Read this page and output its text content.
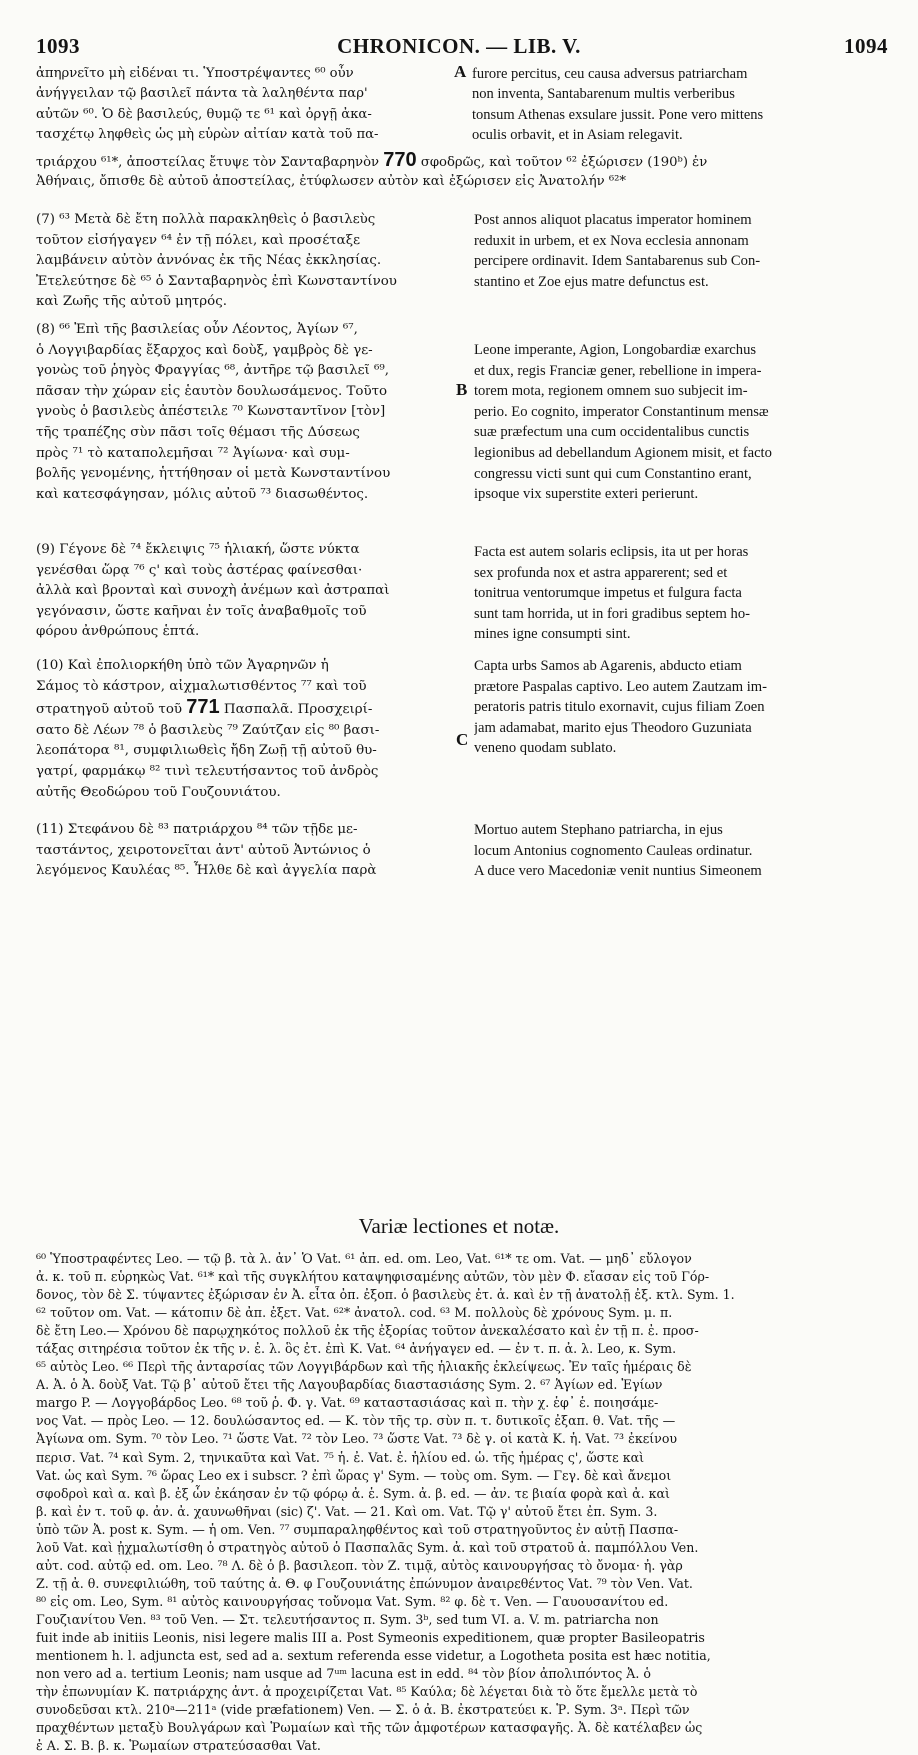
1093	CHRONICON. — LIB. V.	1094
ἀπηρνεῖτο μὴ εἰδέναι τι. Ὑποστρέψαντες ⁶⁰ οὖν
ἀνήγγειλαν τῷ βασιλεῖ πάντα τὰ λαληθέντα παρ'
αὐτῶν ⁶⁰. Ὁ δὲ βασιλεύς, θυμῷ τε ⁶¹ καὶ ὀργῇ ἀκα-
τασχέτῳ ληφθεὶς ὡς μὴ εὑρὼν αἰτίαν κατὰ τοῦ πα-
A furore percitus, ceu causa adversus patriarcham
non inventa, Santabarenum multis verberibus
tonsum Athenas exsulare jussit. Pone vero mittens
oculis orbavit, et in Asiam relegavit.
τριάρχου ⁶¹*, ἀποστείλας ἔτυψε τὸν Σανταβαρηνὸν 770 σφοδρῶς, καὶ τοῦτον ⁶² ἐξώρισεν (190ᵇ) ἐν
Ἀθήναις, ὄπισθε δὲ αὐτοῦ ἀποστείλας, ἐτύφλωσεν αὐτὸν καὶ ἐξώρισεν εἰς Ἀνατολήν ⁶²*
(7) ⁶³ Μετὰ δὲ ἔτη πολλὰ παρακληθεὶς ὁ βασιλεὺς
τοῦτον εἰσήγαγεν ⁶⁴ ἐν τῇ πόλει, καὶ προσέταξε
λαμβάνειν αὐτὸν ἀννόνας ἐκ τῆς Νέας ἐκκλησίας.
Ἐτελεύτησε δὲ ⁶⁵ ὁ Σανταβαρηνὸς ἐπὶ Κωνσταντίνου
καὶ Ζωῆς τῆς αὐτοῦ μητρός.
Post annos aliquot placatus imperator hominem
reduxit in urbem, et ex Nova ecclesia annonam
percipere ordinavit. Idem Santabarenus sub Con-
stantino et Zoe ejus matre defunctus est.
(8) ⁶⁶ Ἐπὶ τῆς βασιλείας οὖν Λέοντος, Ἀγίων ⁶⁷,
ὁ Λογγιβαρδίας ἔξαρχος καὶ δοὺξ, γαμβρὸς δὲ γε-
γονὼς τοῦ ῥηγὸς Φραγγίας ⁶⁸, ἀντῆρε τῷ βασιλεῖ ⁶⁹,
πᾶσαν τὴν χώραν εἰς ἑαυτὸν δουλωσάμενος. Τοῦτο
γνοὺς ὁ βασιλεὺς ἀπέστειλε ⁷⁰ Κωνσταντῖνον [τὸν]
τῆς τραπέζης σὺν πᾶσι τοῖς θέμασι τῆς Δύσεως
πρὸς ⁷¹ τὸ καταπολεμῆσαι ⁷² Ἀγίωνα· καὶ συμ-
βολῆς γενομένης, ἡττήθησαν οἱ μετὰ Κωνσταντίνου
καὶ κατεσφάγησαν, μόλις αὐτοῦ ⁷³ διασωθέντος.
B
Leone imperante, Agion, Longobardiæ exarchus
et dux, regis Franciæ gener, rebellione in impera-
torem mota, regionem omnem suo subjecit im-
perio. Eo cognito, imperator Constantinum mensæ
suæ præfectum una cum occidentalibus cunctis
legionibus ad debellandum Agionem misit, et facto
congressu victi sunt qui cum Constantino erant,
ipsoque vix superstite exteri perierunt.
(9) Γέγονε δὲ ⁷⁴ ἔκλειψις ⁷⁵ ἡλιακή, ὥστε νύκτα
γενέσθαι ὥρᾳ ⁷⁶ ς' καὶ τοὺς ἀστέρας φαίνεσθαι·
ἀλλὰ καὶ βρονταὶ καὶ συνοχὴ ἀνέμων καὶ ἀστραπαὶ
γεγόνασιν, ὥστε καῆναι ἐν τοῖς ἀναβαθμοῖς τοῦ
φόρου ἀνθρώπους ἑπτά.
Facta est autem solaris eclipsis, ita ut per horas
sex profunda nox et astra apparerent; sed et
tonitrua ventorumque impetus et fulgura facta
sunt tam horrida, ut in fori gradibus septem ho-
mines igne consumpti sint.
(10) Καὶ ἐπολιορκήθη ὑπὸ τῶν Ἀγαρηνῶν ἡ
Σάμος τὸ κάστρον, αἰχμαλωτισθέντος ⁷⁷ καὶ τοῦ
στρατηγοῦ αὐτοῦ τοῦ 771 Πασπαλᾶ. Προσχειρί-
σατο δὲ Λέων ⁷⁸ ὁ βασιλεὺς ⁷⁹ Ζαύτζαν εἰς ⁸⁰ βασι-
λεοπάτορα ⁸¹, συμφιλιωθεὶς ἤδη Ζωῇ τῇ αὐτοῦ θυ-
γατρί, φαρμάκῳ ⁸² τινὶ τελευτήσαντος τοῦ ἀνδρὸς
αὐτῆς Θεοδώρου τοῦ Γουζουνιάτου.
C
Capta urbs Samos ab Agarenis, abducto etiam
prætore Paspalas captivo. Leo autem Zautzam im-
peratoris patris titulo exornavit, cujus filiam Zoen
jam adamabat, marito ejus Theodoro Guzuniata
veneno quodam sublato.
(11) Στεφάνου δὲ ⁸³ πατριάρχου ⁸⁴ τῶν τῇδε με-
ταστάντος, χειροτονεῖται ἀντ' αὐτοῦ Ἀντώνιος ὁ
λεγόμενος Καυλέας ⁸⁵. Ἦλθε δὲ καὶ ἀγγελία παρὰ
Mortuo autem Stephano patriarcha, in ejus
locum Antonius cognomento Cauleas ordinatur.
A duce vero Macedoniæ venit nuntius Simeonem
Variæ lectiones et notæ.
⁶⁰ Ὑποστραφέντες Leo. — τῷ β. τὰ λ. ἀν᾽ Ὁ Vat. ⁶¹ ἀπ. ed. om. Leo, Vat. ⁶¹* τε om. Vat. — μηδ᾽ εὔλογον
ἀ. κ. τοῦ π. εὑρηκὼς Vat. ⁶¹* καὶ τῆς συγκλήτου καταψηφισαμένης αὐτῶν, τὸν μὲν Φ. εἴασαν εἰς τοῦ Γόρ-
δονος, τὸν δὲ Σ. τύψαντες ἐξώρισαν ἐν Ἀ. εἶτα ὀπ. ἐξοπ. ὁ βασιλεὺς ἐτ. ἀ. καὶ ἐν τῇ ἀνατολῇ ἐξ. κτλ. Sym. 1.
⁶² τοῦτον om. Vat. — κάτοπιν δὲ ἀπ. ἐξετ. Vat. ⁶²* ἀνατολ. cod. ⁶³ Μ. πολλοὺς δὲ χρόνους Sym. μ. π.
δὲ ἔτη Leo.— Χρόνου δὲ παρῳχηκότος πολλοῦ ἐκ τῆς ἐξορίας τοῦτον ἀνεκαλέσατο καὶ ἐν τῇ π. ἐ. προσ-
τάξας σιτηρέσια τοῦτον ἐκ τῆς ν. ἐ. λ. ὃς ἐτ. ἐπὶ Κ. Vat. ⁶⁴ ἀνήγαγεν ed. — ἐν τ. π. ἀ. λ. Leo, κ. Sym.
⁶⁵ αὐτὸς Leo. ⁶⁶ Περὶ τῆς ἀνταρσίας τῶν Λογγιβάρδων καὶ τῆς ἡλιακῆς ἐκλείψεως. Ἐν ταῖς ἡμέραις δὲ
Α. Ἀ. ὁ Ἀ. δοὺξ Vat. Τῷ β᾽ αὐτοῦ ἔτει τῆς Λαγουβαρδίας διαστασιάσης Sym. 2. ⁶⁷ Ἀγίων ed. Ἐγίων
margo P. — Λογγοβάρδος Leo. ⁶⁸ τοῦ ῥ. Φ. γ. Vat. ⁶⁹ καταστασιάσας καὶ π. τὴν χ. ἑφ᾽ ἑ. ποιησάμε-
νος Vat. — πρὸς Leo. — 12. δουλώσαντος ed. — Κ. τὸν τῆς τρ. σὺν π. τ. δυτικοῖς ἐξαπ. θ. Vat. τῆς —
Ἀγίωνα om. Sym. ⁷⁰ τὸν Leo. ⁷¹ ὥστε Vat. ⁷² τὸν Leo. ⁷³ ὥστε Vat. ⁷³ δὲ γ. οἱ κατὰ Κ. ἡ. Vat. ⁷³ ἐκείνου
περισ. Vat. ⁷⁴ καὶ Sym. 2, τηνικαῦτα καὶ Vat. ⁷⁵ ἡ. ἐ. Vat. ἐ. ἡλίου ed. ὡ. τῆς ἡμέρας ς', ὥστε καὶ
Vat. ὡς καὶ Sym. ⁷⁶ ὥρας Leo ex i subscr. ? ἐπὶ ὥρας γ' Sym. — τοὺς om. Sym. — Γεγ. δὲ καὶ ἄνεμοι
σφοδροὶ καὶ α. καὶ β. ἐξ ὧν ἐκάησαν ἐν τῷ φόρῳ ἀ. ἑ. Sym. ἀ. β. ed. — ἀν. τε βιαία φορὰ καὶ ἀ. καὶ
β. καὶ ἐν τ. τοῦ φ. ἀν. ἀ. χαυνωθῆναι (sic) ζ'. Vat. — 21. Καὶ om. Vat. Τῷ γ' αὐτοῦ ἔτει ἐπ. Sym. 3.
ὑπὸ τῶν Ἀ. post κ. Sym. — ἡ om. Ven. ⁷⁷ συμπαραληφθέντος καὶ τοῦ στρατηγοῦντος ἐν αὐτῇ Πασπα-
λοῦ Vat. καὶ ᾐχμαλωτίσθη ὁ στρατηγὸς αὐτοῦ ὁ Πασπαλᾶς Sym. ἀ. καὶ τοῦ στρατοῦ ἀ. παμπόλλου Ven.
αὐτ. cod. αὐτῷ ed. om. Leo. ⁷⁸ Λ. δὲ ὁ β. βασιλεοπ. τὸν Ζ. τιμᾷ, αὐτὸς καινουργήσας τὸ ὄνομα· ἠ. γὰρ
Ζ. τῇ ἀ. θ. συνεφιλιώθη, τοῦ ταύτης ἀ. Θ. φ Γουζουνιάτης ἐπώνυμον ἀναιρεθέντος Vat. ⁷⁹ τὸν Ven. Vat.
⁸⁰ εἰς om. Leo, Sym. ⁸¹ αὐτὸς καινουργήσας τοὔνομα Vat. Sym. ⁸² φ. δὲ τ. Ven. — Γαυουσανίτου ed.
Γουζιανίτου Ven. ⁸³ τοῦ Ven. — Στ. τελευτήσαντος π. Sym. 3ᵇ, sed tum VI. a. V. m. patriarcha non
fuit inde ab initiis Leonis, nisi legere malis III a. Post Symeonis expeditionem, quæ propter Basileopatris
mentionem h. l. adjuncta est, sed ad a. sextum referenda esse videtur, a Logotheta posita est hæc notitia,
non vero ad a. tertium Leonis; nam usque ad 7ᵘᵐ lacuna est in edd. ⁸⁴ τὸν βίον ἀπολιπόντος Ἀ. ὁ
τὴν ἐπωνυμίαν Κ. πατριάρχης ἀντ. ἀ προχειρίζεται Vat. ⁸⁵ Καύλα; δὲ λέγεται διὰ τὸ ὅτε ἔμελλε μετὰ τὸ
συνοδεῦσαι κτλ. 210ᵃ—211ᵃ (vide præfationem) Ven. — Σ. ὁ ἀ. Β. ἐκστρατεύει κ. Ῥ. Sym. 3ᵃ. Περὶ τῶν
πραχθέντων μεταξὺ Βουλγάρων καὶ Ῥωμαίων καὶ τῆς τῶν ἀμφοτέρων κατασφαγῆς. Ἀ. δὲ κατέλαβεν ὡς
ἐ Α. Σ. Β. β. κ. Ῥωμαίων στρατεύσασθαι Vat.
